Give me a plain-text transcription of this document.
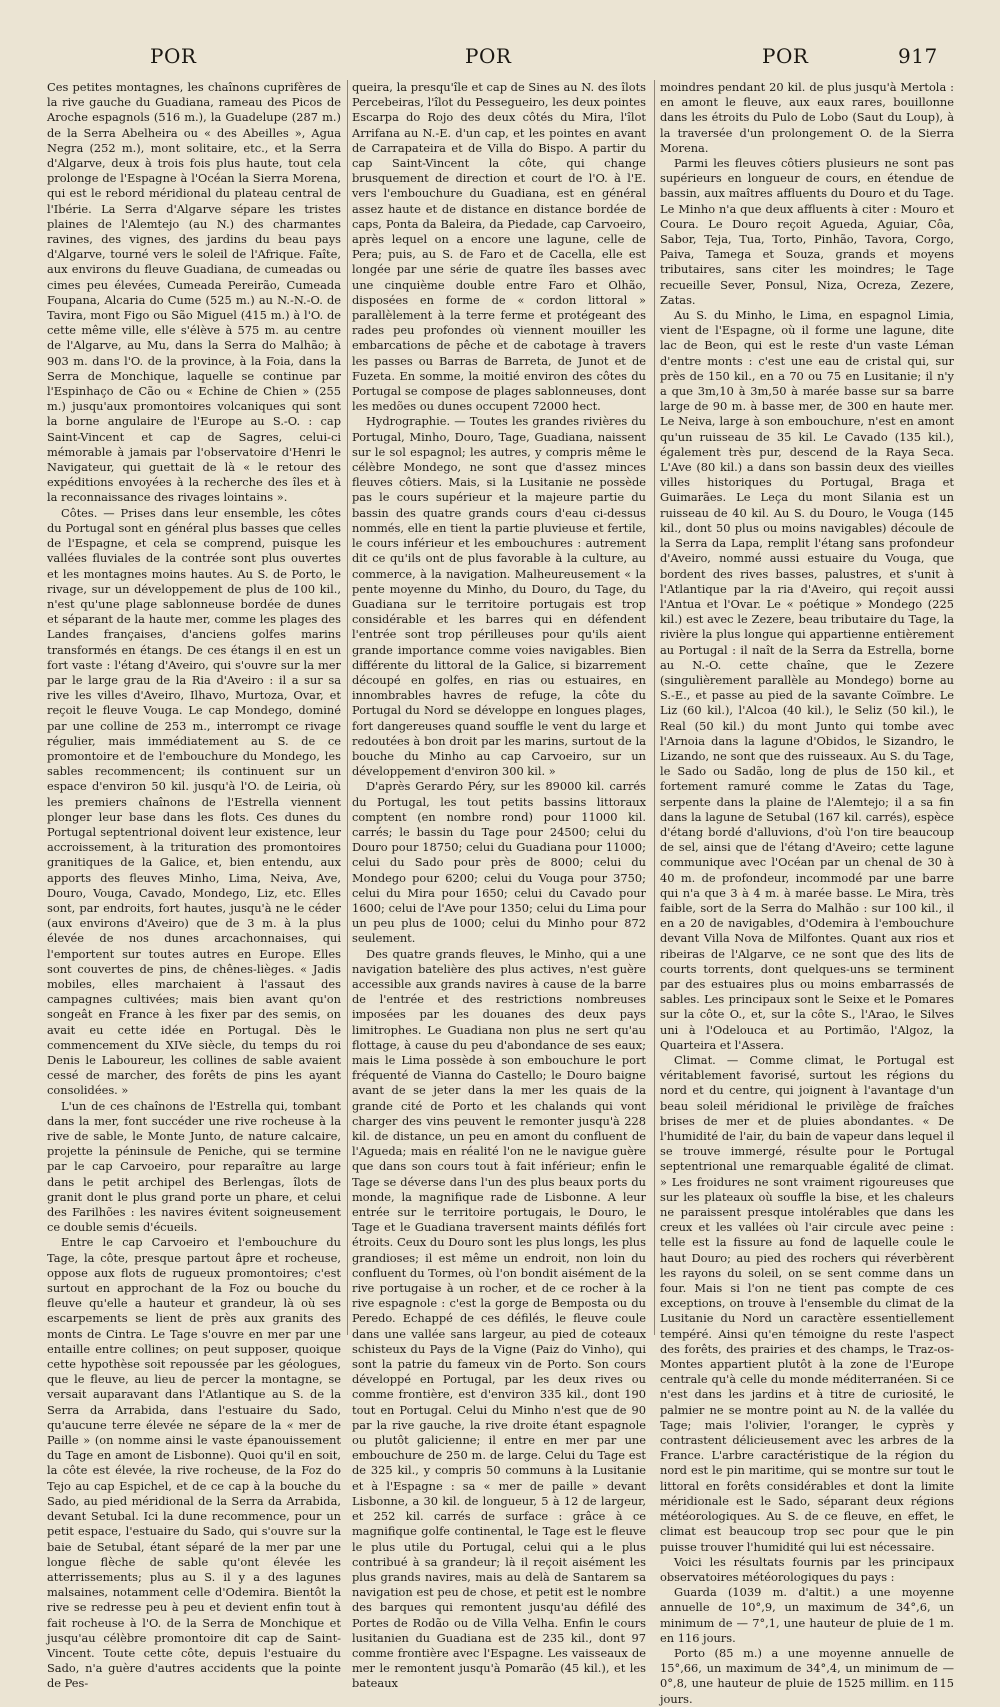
POR	POR	POR	917

Ces petites montagnes, les chaînons cuprifères de la rive gauche du Guadiana, rameau des Picos de Aroche espagnols (516 m.), la Guadelupe (287 m.) de la Serra Abelheira ou « des Abeilles », Agua Negra (252 m.), mont solitaire, etc., et la Serra d'Algarve, deux à trois fois plus haute, tout cela prolonge de l'Espagne à l'Océan la Sierra Morena, qui est le rebord méridional du plateau central de l'Ibérie. La Serra d'Algarve sépare les tristes plaines de l'Alemtejo (au N.) des charmantes ravines, des vignes, des jardins du beau pays d'Algarve, tourné vers le soleil de l'Afrique. Faîte, aux environs du fleuve Guadiana, de cumeadas ou cimes peu élevées, Cumeada Pereirão, Cumeada Foupana, Alcaria do Cume (525 m.) au N.-N.-O. de Tavira, mont Figo ou São Miguel (415 m.) à l'O. de cette même ville, elle s'élève à 575 m. au centre de l'Algarve, au Mu, dans la Serra do Malhão; à 903 m. dans l'O. de la province, à la Foia, dans la Serra de Monchique, laquelle se continue par l'Espinhaço de Cão ou « Echine de Chien » (255 m.) jusqu'aux promontoires volcaniques qui sont la borne angulaire de l'Europe au S.-O. : cap Saint-Vincent et cap de Sagres, celui-ci mémorable à jamais par l'observatoire d'Henri le Navigateur, qui guettait de là « le retour des expéditions envoyées à la recherche des îles et à la reconnaissance des rivages lointains ».

Côtes. — Prises dans leur ensemble, les côtes du Portugal sont en général plus basses que celles de l'Espagne, et cela se comprend, puisque les vallées fluviales de la contrée sont plus ouvertes et les montagnes moins hautes. Au S. de Porto, le rivage, sur un développement de plus de 100 kil., n'est qu'une plage sablonneuse bordée de dunes et séparant de la haute mer, comme les plages des Landes françaises, d'anciens golfes marins transformés en étangs. De ces étangs il en est un fort vaste : l'étang d'Aveiro, qui s'ouvre sur la mer par le large grau de la Ria d'Aveiro : il a sur sa rive les villes d'Aveiro, Ilhavo, Murtoza, Ovar, et reçoit le fleuve Vouga. Le cap Mondego, dominé par une colline de 253 m., interrompt ce rivage régulier, mais immédiatement au S. de ce promontoire et de l'embouchure du Mondego, les sables recommencent; ils continuent sur un espace d'environ 50 kil. jusqu'à l'O. de Leiria, où les premiers chaînons de l'Estrella viennent plonger leur base dans les flots. Ces dunes du Portugal septentrional doivent leur existence, leur accroissement, à la trituration des promontoires granitiques de la Galice, et, bien entendu, aux apports des fleuves Minho, Lima, Neiva, Ave, Douro, Vouga, Cavado, Mondego, Liz, etc. Elles sont, par endroits, fort hautes, jusqu'à ne le céder (aux environs d'Aveiro) que de 3 m. à la plus élevée de nos dunes arcachonnaises, qui l'emportent sur toutes autres en Europe. Elles sont couvertes de pins, de chênes-lièges. « Jadis mobiles, elles marchaient à l'assaut des campagnes cultivées; mais bien avant qu'on songeât en France à les fixer par des semis, on avait eu cette idée en Portugal. Dès le commencement du XIVe siècle, du temps du roi Denis le Laboureur, les collines de sable avaient cessé de marcher, des forêts de pins les ayant consolidées. »

L'un de ces chaînons de l'Estrella qui, tombant dans la mer, font succéder une rive rocheuse à la rive de sable, le Monte Junto, de nature calcaire, projette la péninsule de Peniche, qui se termine par le cap Carvoeiro, pour reparaître au large dans le petit archipel des Berlengas, îlots de granit dont le plus grand porte un phare, et celui des Farilhões : les navires évitent soigneusement ce double semis d'écueils.

Entre le cap Carvoeiro et l'embouchure du Tage, la côte, presque partout âpre et rocheuse, oppose aux flots de rugueux promontoires; c'est surtout en approchant de la Foz ou bouche du fleuve qu'elle a hauteur et grandeur, là où ses escarpements se lient de près aux granits des monts de Cintra. Le Tage s'ouvre en mer par une entaille entre collines; on peut supposer, quoique cette hypothèse soit repoussée par les géologues, que le fleuve, au lieu de percer la montagne, se versait auparavant dans l'Atlantique au S. de la Serra da Arrabida, dans l'estuaire du Sado, qu'aucune terre élevée ne sépare de la « mer de Paille » (on nomme ainsi le vaste épanouissement du Tage en amont de Lisbonne). Quoi qu'il en soit, la côte est élevée, la rive rocheuse, de la Foz do Tejo au cap Espichel, et de ce cap à la bouche du Sado, au pied méridional de la Serra da Arrabida, devant Setubal. Ici la dune recommence, pour un petit espace, l'estuaire du Sado, qui s'ouvre sur la baie de Setubal, étant séparé de la mer par une longue flèche de sable qu'ont élevée les atterrissements; plus au S. il y a des lagunes malsaines, notamment celle d'Odemira. Bientôt la rive se redresse peu à peu et devient enfin tout à fait rocheuse à l'O. de la Serra de Monchique et jusqu'au célèbre promontoire dit cap de Saint-Vincent. Toute cette côte, depuis l'estuaire du Sado, n'a guère d'autres accidents que la pointe de Pes-

queira, la presqu'île et cap de Sines au N. des îlots Percebeiras, l'îlot du Pessegueiro, les deux pointes Escarpa do Rojo des deux côtés du Mira, l'îlot Arrifana au N.-E. d'un cap, et les pointes en avant de Carrapateira et de Villa do Bispo. A partir du cap Saint-Vincent la côte, qui change brusquement de direction et court de l'O. à l'E. vers l'embouchure du Guadiana, est en général assez haute et de distance en distance bordée de caps, Ponta da Baleira, da Piedade, cap Carvoeiro, après lequel on a encore une lagune, celle de Pera; puis, au S. de Faro et de Cacella, elle est longée par une série de quatre îles basses avec une cinquième double entre Faro et Olhão, disposées en forme de « cordon littoral » parallèlement à la terre ferme et protégeant des rades peu profondes où viennent mouiller les embarcations de pêche et de cabotage à travers les passes ou Barras de Barreta, de Junot et de Fuzeta. En somme, la moitié environ des côtes du Portugal se compose de plages sablonneuses, dont les medões ou dunes occupent 72000 hect.

Hydrographie. — Toutes les grandes rivières du Portugal, Minho, Douro, Tage, Guadiana, naissent sur le sol espagnol; les autres, y compris même le célèbre Mondego, ne sont que d'assez minces fleuves côtiers. Mais, si la Lusitanie ne possède pas le cours supérieur et la majeure partie du bassin des quatre grands cours d'eau ci-dessus nommés, elle en tient la partie pluvieuse et fertile, le cours inférieur et les embouchures : autrement dit ce qu'ils ont de plus favorable à la culture, au commerce, à la navigation. Malheureusement « la pente moyenne du Minho, du Douro, du Tage, du Guadiana sur le territoire portugais est trop considérable et les barres qui en défendent l'entrée sont trop périlleuses pour qu'ils aient grande importance comme voies navigables. Bien différente du littoral de la Galice, si bizarrement découpé en golfes, en rias ou estuaires, en innombrables havres de refuge, la côte du Portugal du Nord se développe en longues plages, fort dangereuses quand souffle le vent du large et redoutées à bon droit par les marins, surtout de la bouche du Minho au cap Carvoeiro, sur un développement d'environ 300 kil. »

D'après Gerardo Péry, sur les 89000 kil. carrés du Portugal, les tout petits bassins littoraux comptent (en nombre rond) pour 11000 kil. carrés; le bassin du Tage pour 24500; celui du Douro pour 18750; celui du Guadiana pour 11000; celui du Sado pour près de 8000; celui du Mondego pour 6200; celui du Vouga pour 3750; celui du Mira pour 1650; celui du Cavado pour 1600; celui de l'Ave pour 1350; celui du Lima pour un peu plus de 1000; celui du Minho pour 872 seulement.

Des quatre grands fleuves, le Minho, qui a une navigation batelière des plus actives, n'est guère accessible aux grands navires à cause de la barre de l'entrée et des restrictions nombreuses imposées par les douanes des deux pays limitrophes. Le Guadiana non plus ne sert qu'au flottage, à cause du peu d'abondance de ses eaux; mais le Lima possède à son embouchure le port fréquenté de Vianna do Castello; le Douro baigne avant de se jeter dans la mer les quais de la grande cité de Porto et les chalands qui vont charger des vins peuvent le remonter jusqu'à 228 kil. de distance, un peu en amont du confluent de l'Agueda; mais en réalité l'on ne le navigue guère que dans son cours tout à fait inférieur; enfin le Tage se déverse dans l'un des plus beaux ports du monde, la magnifique rade de Lisbonne. A leur entrée sur le territoire portugais, le Douro, le Tage et le Guadiana traversent maints défilés fort étroits. Ceux du Douro sont les plus longs, les plus grandioses; il est même un endroit, non loin du confluent du Tormes, où l'on bondit aisément de la rive portugaise à un rocher, et de ce rocher à la rive espagnole : c'est la gorge de Bemposta ou du Peredo. Echappé de ces défilés, le fleuve coule dans une vallée sans largeur, au pied de coteaux schisteux du Pays de la Vigne (Paiz do Vinho), qui sont la patrie du fameux vin de Porto. Son cours développé en Portugal, par les deux rives ou comme frontière, est d'environ 335 kil., dont 190 tout en Portugal. Celui du Minho n'est que de 90 par la rive gauche, la rive droite étant espagnole ou plutôt galicienne; il entre en mer par une embouchure de 250 m. de large. Celui du Tage est de 325 kil., y compris 50 communs à la Lusitanie et à l'Espagne : sa « mer de paille » devant Lisbonne, a 30 kil. de longueur, 5 à 12 de largeur, et 252 kil. carrés de surface : grâce à ce magnifique golfe continental, le Tage est le fleuve le plus utile du Portugal, celui qui a le plus contribué à sa grandeur; là il reçoit aisément les plus grands navires, mais au delà de Santarem sa navigation est peu de chose, et petit est le nombre des barques qui remontent jusqu'au défilé des Portes de Rodão ou de Villa Velha. Enfin le cours lusitanien du Guadiana est de 235 kil., dont 97 comme frontière avec l'Espagne. Les vaisseaux de mer le remontent jusqu'à Pomarão (45 kil.), et les bateaux

moindres pendant 20 kil. de plus jusqu'à Mertola : en amont le fleuve, aux eaux rares, bouillonne dans les étroits du Pulo de Lobo (Saut du Loup), à la traversée d'un prolongement O. de la Sierra Morena.

Parmi les fleuves côtiers plusieurs ne sont pas supérieurs en longueur de cours, en étendue de bassin, aux maîtres affluents du Douro et du Tage. Le Minho n'a que deux affluents à citer : Mouro et Coura. Le Douro reçoit Agueda, Aguiar, Côa, Sabor, Teja, Tua, Torto, Pinhão, Tavora, Corgo, Paiva, Tamega et Souza, grands et moyens tributaires, sans citer les moindres; le Tage recueille Sever, Ponsul, Niza, Ocreza, Zezere, Zatas.

Au S. du Minho, le Lima, en espagnol Limia, vient de l'Espagne, où il forme une lagune, dite lac de Beon, qui est le reste d'un vaste Léman d'entre monts : c'est une eau de cristal qui, sur près de 150 kil., en a 70 ou 75 en Lusitanie; il n'y a que 3m,10 à 3m,50 à marée basse sur sa barre large de 90 m. à basse mer, de 300 en haute mer. Le Neiva, large à son embouchure, n'est en amont qu'un ruisseau de 35 kil. Le Cavado (135 kil.), également très pur, descend de la Raya Seca. L'Ave (80 kil.) a dans son bassin deux des vieilles villes historiques du Portugal, Braga et Guimarães. Le Leça du mont Silania est un ruisseau de 40 kil. Au S. du Douro, le Vouga (145 kil., dont 50 plus ou moins navigables) découle de la Serra da Lapa, remplit l'étang sans profondeur d'Aveiro, nommé aussi estuaire du Vouga, que bordent des rives basses, palustres, et s'unit à l'Atlantique par la ria d'Aveiro, qui reçoit aussi l'Antua et l'Ovar. Le « poétique » Mondego (225 kil.) est avec le Zezere, beau tributaire du Tage, la rivière la plus longue qui appartienne entièrement au Portugal : il naît de la Serra da Estrella, borne au N.-O. cette chaîne, que le Zezere (singulièrement parallèle au Mondego) borne au S.-E., et passe au pied de la savante Coïmbre. Le Liz (60 kil.), l'Alcoa (40 kil.), le Seliz (50 kil.), le Real (50 kil.) du mont Junto qui tombe avec l'Arnoia dans la lagune d'Obidos, le Sizandro, le Lizando, ne sont que des ruisseaux. Au S. du Tage, le Sado ou Sadão, long de plus de 150 kil., et fortement ramuré comme le Zatas du Tage, serpente dans la plaine de l'Alemtejo; il a sa fin dans la lagune de Setubal (167 kil. carrés), espèce d'étang bordé d'alluvions, d'où l'on tire beaucoup de sel, ainsi que de l'étang d'Aveiro; cette lagune communique avec l'Océan par un chenal de 30 à 40 m. de profondeur, incommodé par une barre qui n'a que 3 à 4 m. à marée basse. Le Mira, très faible, sort de la Serra do Malhão : sur 100 kil., il en a 20 de navigables, d'Odemira à l'embouchure devant Villa Nova de Milfontes. Quant aux rios et ribeiras de l'Algarve, ce ne sont que des lits de courts torrents, dont quelques-uns se terminent par des estuaires plus ou moins embarrassés de sables. Les principaux sont le Seixe et le Pomares sur la côte O., et, sur la côte S., l'Arao, le Silves uni à l'Odelouca et au Portimão, l'Algoz, la Quarteira et l'Assera.

Climat. — Comme climat, le Portugal est véritablement favorisé, surtout les régions du nord et du centre, qui joignent à l'avantage d'un beau soleil méridional le privilège de fraîches brises de mer et de pluies abondantes. « De l'humidité de l'air, du bain de vapeur dans lequel il se trouve immergé, résulte pour le Portugal septentrional une remarquable égalité de climat. » Les froidures ne sont vraiment rigoureuses que sur les plateaux où souffle la bise, et les chaleurs ne paraissent presque intolérables que dans les creux et les vallées où l'air circule avec peine : telle est la fissure au fond de laquelle coule le haut Douro; au pied des rochers qui réverbèrent les rayons du soleil, on se sent comme dans un four. Mais si l'on ne tient pas compte de ces exceptions, on trouve à l'ensemble du climat de la Lusitanie du Nord un caractère essentiellement tempéré. Ainsi qu'en témoigne du reste l'aspect des forêts, des prairies et des champs, le Traz-os-Montes appartient plutôt à la zone de l'Europe centrale qu'à celle du monde méditerranéen. Si ce n'est dans les jardins et à titre de curiosité, le palmier ne se montre point au N. de la vallée du Tage; mais l'olivier, l'oranger, le cyprès y contrastent délicieusement avec les arbres de la France. L'arbre caractéristique de la région du nord est le pin maritime, qui se montre sur tout le littoral en forêts considérables et dont la limite méridionale est le Sado, séparant deux régions météorologiques. Au S. de ce fleuve, en effet, le climat est beaucoup trop sec pour que le pin puisse trouver l'humidité qui lui est nécessaire.

Voici les résultats fournis par les principaux observatoires météorologiques du pays :

Guarda (1039 m. d'altit.) a une moyenne annuelle de 10°,9, un maximum de 34°,6, un minimum de — 7°,1, une hauteur de pluie de 1 m. en 116 jours.

Porto (85 m.) a une moyenne annuelle de 15°,66, un maximum de 34°,4, un minimum de — 0°,8, une hauteur de pluie de 1525 millim. en 115 jours.
